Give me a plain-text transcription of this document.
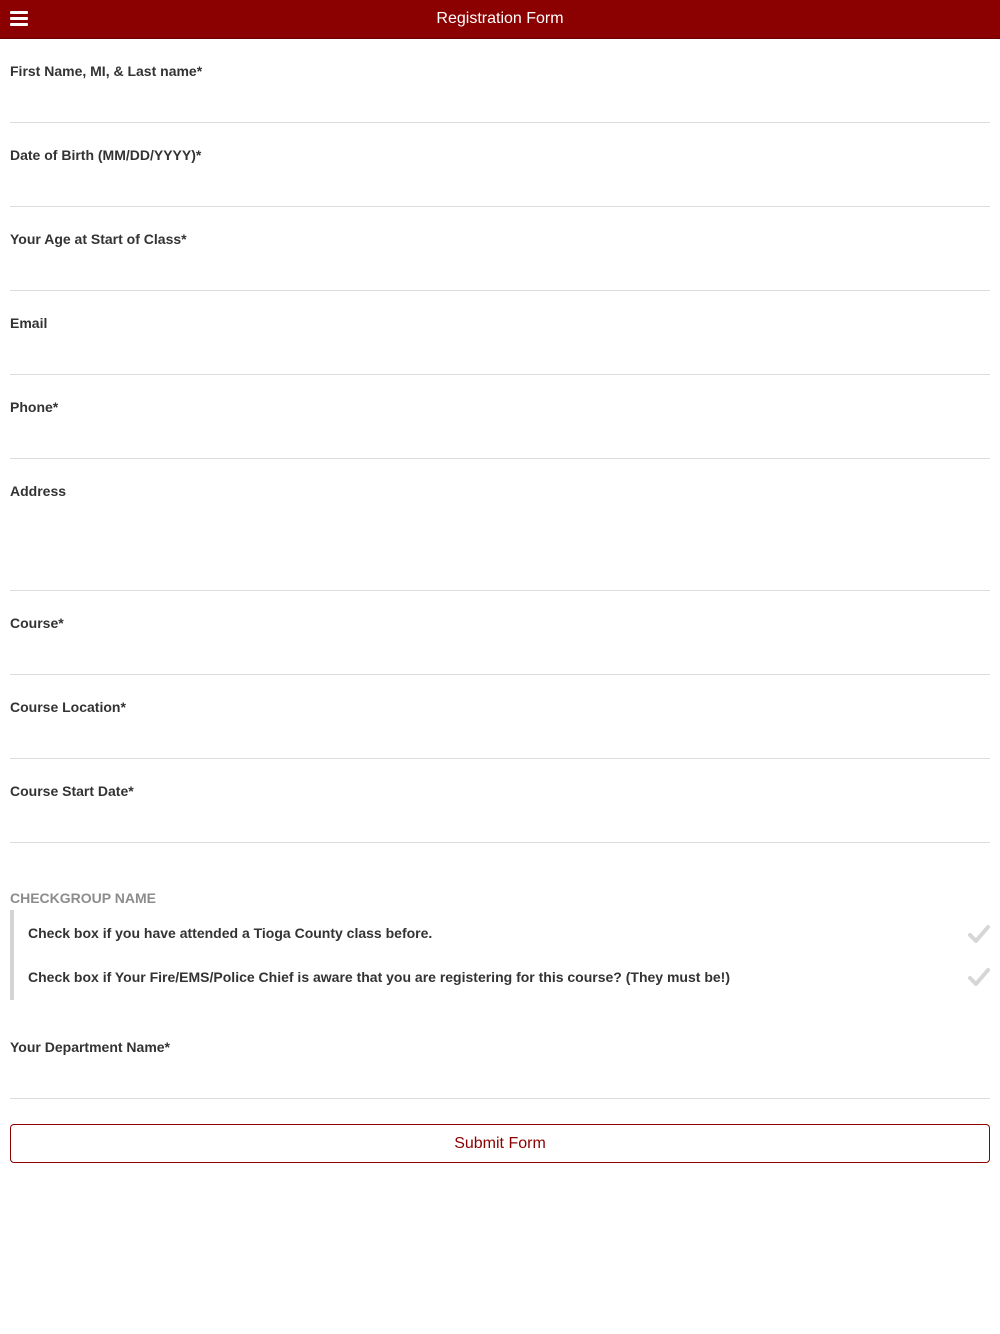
Registration Form
First Name, MI, & Last name*
Date of Birth (MM/DD/YYYY)*
Your Age at Start of Class*
Email
Phone*
Address
Course*
Course Location*
Course Start Date*
CHECKGROUP NAME
Check box if you have attended a Tioga County class before.
Check box if Your Fire/EMS/Police Chief is aware that you are registering for this course? (They must be!)
Your Department Name*
Submit Form
